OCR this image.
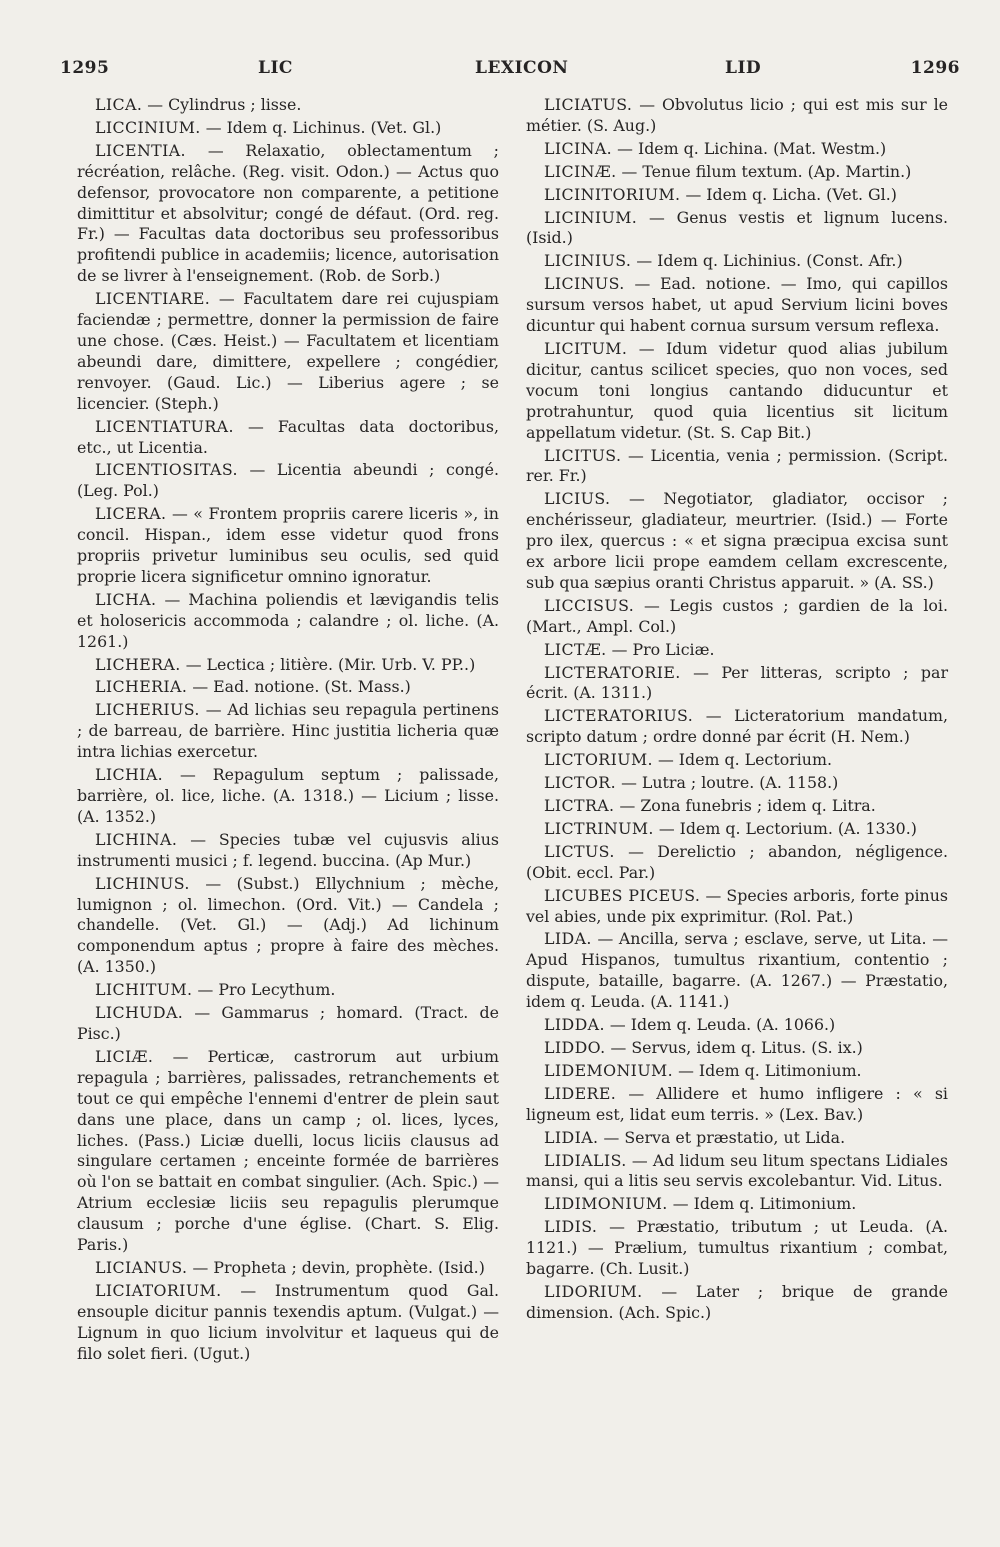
1295	LIC	LEXICON	LID	1296

LICA. — Cylindrus ; lisse.

LICCINIUM. — Idem q. Lichinus. (Vet. Gl.)

LICENTIA. — Relaxatio, oblectamentum ; récréation, relâche. (Reg. visit. Odon.) — Actus quo defensor, provocatore non comparente, a petitione dimittitur et absolvitur; congé de défaut. (Ord. reg. Fr.) — Facultas data doctoribus seu professoribus profitendi publice in academiis; licence, autorisation de se livrer à l'enseignement. (Rob. de Sorb.)

LICENTIARE. — Facultatem dare rei cujuspiam faciendæ ; permettre, donner la permission de faire une chose. (Cæs. Heist.) — Facultatem et licentiam abeundi dare, dimittere, expellere ; congédier, renvoyer. (Gaud. Lic.) — Liberius agere ; se licencier. (Steph.)

LICENTIATURA. — Facultas data doctoribus, etc., ut Licentia.

LICENTIOSITAS. — Licentia abeundi ; congé. (Leg. Pol.)

LICERA. — « Frontem propriis carere liceris », in concil. Hispan., idem esse videtur quod frons propriis privetur luminibus seu oculis, sed quid proprie licera significetur omnino ignoratur.

LICHA. — Machina poliendis et lævigandis telis et holosericis accommoda ; calandre ; ol. liche. (A. 1261.)

LICHERA. — Lectica ; litière. (Mir. Urb. V. PP..)

LICHERIA. — Ead. notione. (St. Mass.)

LICHERIUS. — Ad lichias seu repagula pertinens ; de barreau, de barrière. Hinc justitia licheria quæ intra lichias exercetur.

LICHIA. — Repagulum septum ; palissade, barrière, ol. lice, liche. (A. 1318.) — Licium ; lisse. (A. 1352.)

LICHINA. — Species tubæ vel cujusvis alius instrumenti musici ; f. legend. buccina. (Ap Mur.)

LICHINUS. — (Subst.) Ellychnium ; mèche, lumignon ; ol. limechon. (Ord. Vit.) — Candela ; chandelle. (Vet. Gl.) — (Adj.) Ad lichinum componendum aptus ; propre à faire des mèches. (A. 1350.)

LICHITUM. — Pro Lecythum.

LICHUDA. — Gammarus ; homard. (Tract. de Pisc.)

LICIÆ. — Perticæ, castrorum aut urbium repagula ; barrières, palissades, retranchements et tout ce qui empêche l'ennemi d'entrer de plein saut dans une place, dans un camp ; ol. lices, lyces, liches. (Pass.) Liciæ duelli, locus liciis clausus ad singulare certamen ; enceinte formée de barrières où l'on se battait en combat singulier. (Ach. Spic.) — Atrium ecclesiæ liciis seu repagulis plerumque clausum ; porche d'une église. (Chart. S. Elig. Paris.)

LICIANUS. — Propheta ; devin, prophète. (Isid.)

LICIATORIUM. — Instrumentum quod Gal. ensouple dicitur pannis texendis aptum. (Vulgat.) — Lignum in quo licium involvitur et laqueus qui de filo solet fieri. (Ugut.)

LICIATUS. — Obvolutus licio ; qui est mis sur le métier. (S. Aug.)

LICINA. — Idem q. Lichina. (Mat. Westm.)

LICINÆ. — Tenue filum textum. (Ap. Martin.)

LICINITORIUM. — Idem q. Licha. (Vet. Gl.)

LICINIUM. — Genus vestis et lignum lucens. (Isid.)

LICINIUS. — Idem q. Lichinius. (Const. Afr.)

LICINUS. — Ead. notione. — Imo, qui capillos sursum versos habet, ut apud Servium licini boves dicuntur qui habent cornua sursum versum reflexa.

LICITUM. — Idum videtur quod alias jubilum dicitur, cantus scilicet species, quo non voces, sed vocum toni longius cantando diducuntur et protrahuntur, quod quia licentius sit licitum appellatum videtur. (St. S. Cap Bit.)

LICITUS. — Licentia, venia ; permission. (Script. rer. Fr.)

LICIUS. — Negotiator, gladiator, occisor ; enchérisseur, gladiateur, meurtrier. (Isid.) — Forte pro ilex, quercus : « et signa præcipua excisa sunt ex arbore licii prope eamdem cellam excrescente, sub qua sæpius oranti Christus apparuit. » (A. SS.)

LICCISUS. — Legis custos ; gardien de la loi. (Mart., Ampl. Col.)

LICTÆ. — Pro Liciæ.

LICTERATORIE. — Per litteras, scripto ; par écrit. (A. 1311.)

LICTERATORIUS. — Licteratorium mandatum, scripto datum ; ordre donné par écrit (H. Nem.)

LICTORIUM. — Idem q. Lectorium.

LICTOR. — Lutra ; loutre. (A. 1158.)

LICTRA. — Zona funebris ; idem q. Litra.

LICTRINUM. — Idem q. Lectorium. (A. 1330.)

LICTUS. — Derelictio ; abandon, négligence. (Obit. eccl. Par.)

LICUBES PICEUS. — Species arboris, forte pinus vel abies, unde pix exprimitur. (Rol. Pat.)

LIDA. — Ancilla, serva ; esclave, serve, ut Lita. — Apud Hispanos, tumultus rixantium, contentio ; dispute, bataille, bagarre. (A. 1267.) — Præstatio, idem q. Leuda. (A. 1141.)

LIDDA. — Idem q. Leuda. (A. 1066.)

LIDDO. — Servus, idem q. Litus. (S. ix.)

LIDEMONIUM. — Idem q. Litimonium.

LIDERE. — Allidere et humo infligere : « si ligneum est, lidat eum terris. » (Lex. Bav.)

LIDIA. — Serva et præstatio, ut Lida.

LIDIALIS. — Ad lidum seu litum spectans Lidiales mansi, qui a litis seu servis excolebantur. Vid. Litus.

LIDIMONIUM. — Idem q. Litimonium.

LIDIS. — Præstatio, tributum ; ut Leuda. (A. 1121.) — Prælium, tumultus rixantium ; combat, bagarre. (Ch. Lusit.)

LIDORIUM. — Later ; brique de grande dimension. (Ach. Spic.)
